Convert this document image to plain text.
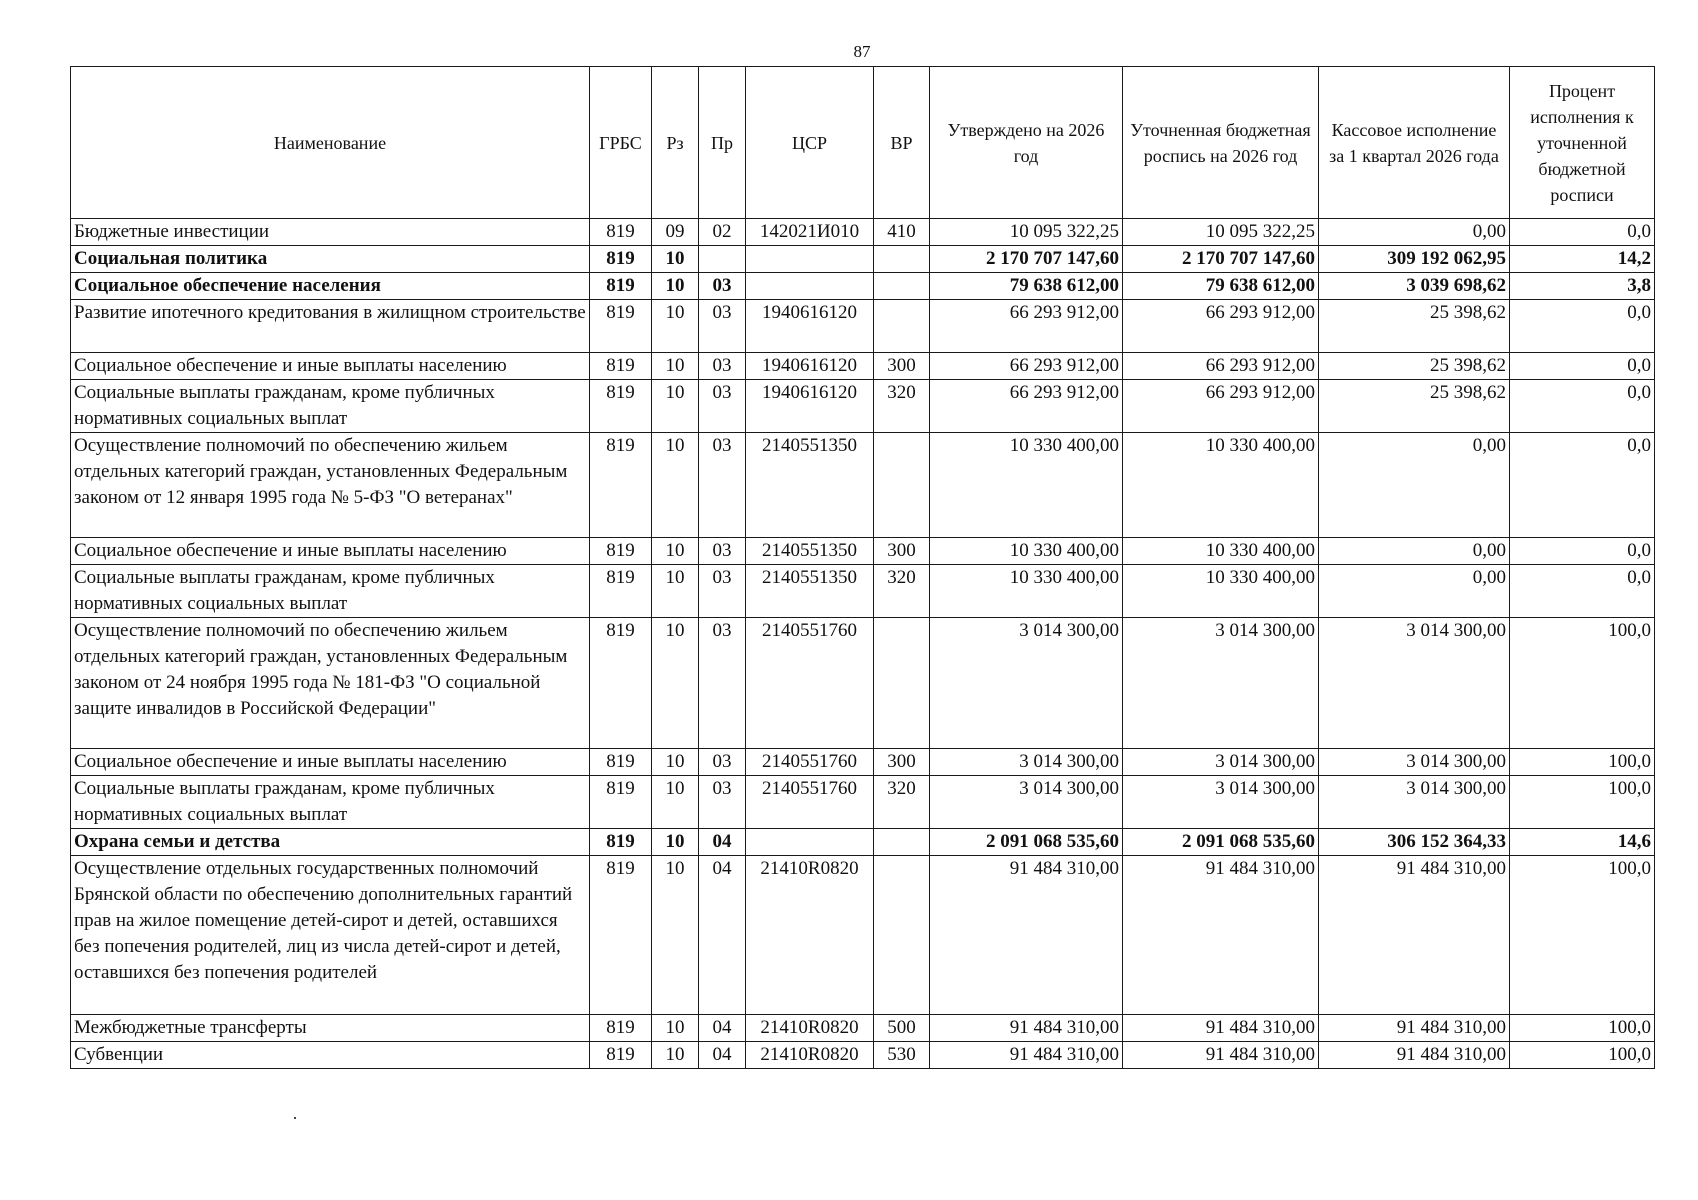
87
Наименование	ГРБС	Рз	Пр	ЦСР	ВР	Утверждено на 2026 год	Уточненная бюджетная роспись на 2026 год	Кассовое исполнение за 1 квартал 2026 года	Процент исполнения к уточненной бюджетной росписи
Бюджетные инвестиции	819	09	02	142021И010	410	10 095 322,25	10 095 322,25	0,00	0,0
Социальная политика	819	10				2 170 707 147,60	2 170 707 147,60	309 192 062,95	14,2
Социальное обеспечение населения	819	10	03			79 638 612,00	79 638 612,00	3 039 698,62	3,8
Развитие ипотечного кредитования в жилищном строительстве	819	10	03	1940616120		66 293 912,00	66 293 912,00	25 398,62	0,0
Социальное обеспечение и иные выплаты населению	819	10	03	1940616120	300	66 293 912,00	66 293 912,00	25 398,62	0,0
Социальные выплаты гражданам, кроме публичных нормативных социальных выплат	819	10	03	1940616120	320	66 293 912,00	66 293 912,00	25 398,62	0,0
Осуществление полномочий по обеспечению жильем отдельных категорий граждан, установленных Федеральным законом от 12 января 1995 года № 5-ФЗ "О ветеранах"	819	10	03	2140551350		10 330 400,00	10 330 400,00	0,00	0,0
Социальное обеспечение и иные выплаты населению	819	10	03	2140551350	300	10 330 400,00	10 330 400,00	0,00	0,0
Социальные выплаты гражданам, кроме публичных нормативных социальных выплат	819	10	03	2140551350	320	10 330 400,00	10 330 400,00	0,00	0,0
Осуществление полномочий по обеспечению жильем отдельных категорий граждан, установленных Федеральным законом от 24 ноября 1995 года № 181-ФЗ "О социальной защите инвалидов в Российской Федерации"	819	10	03	2140551760		3 014 300,00	3 014 300,00	3 014 300,00	100,0
Социальное обеспечение и иные выплаты населению	819	10	03	2140551760	300	3 014 300,00	3 014 300,00	3 014 300,00	100,0
Социальные выплаты гражданам, кроме публичных нормативных социальных выплат	819	10	03	2140551760	320	3 014 300,00	3 014 300,00	3 014 300,00	100,0
Охрана семьи и детства	819	10	04			2 091 068 535,60	2 091 068 535,60	306 152 364,33	14,6
Осуществление отдельных государственных полномочий Брянской области по обеспечению дополнительных гарантий прав на жилое помещение детей-сирот и детей, оставшихся без попечения родителей, лиц из числа детей-сирот и детей, оставшихся без попечения родителей	819	10	04	21410R0820		91 484 310,00	91 484 310,00	91 484 310,00	100,0
Межбюджетные трансферты	819	10	04	21410R0820	500	91 484 310,00	91 484 310,00	91 484 310,00	100,0
Субвенции	819	10	04	21410R0820	530	91 484 310,00	91 484 310,00	91 484 310,00	100,0
